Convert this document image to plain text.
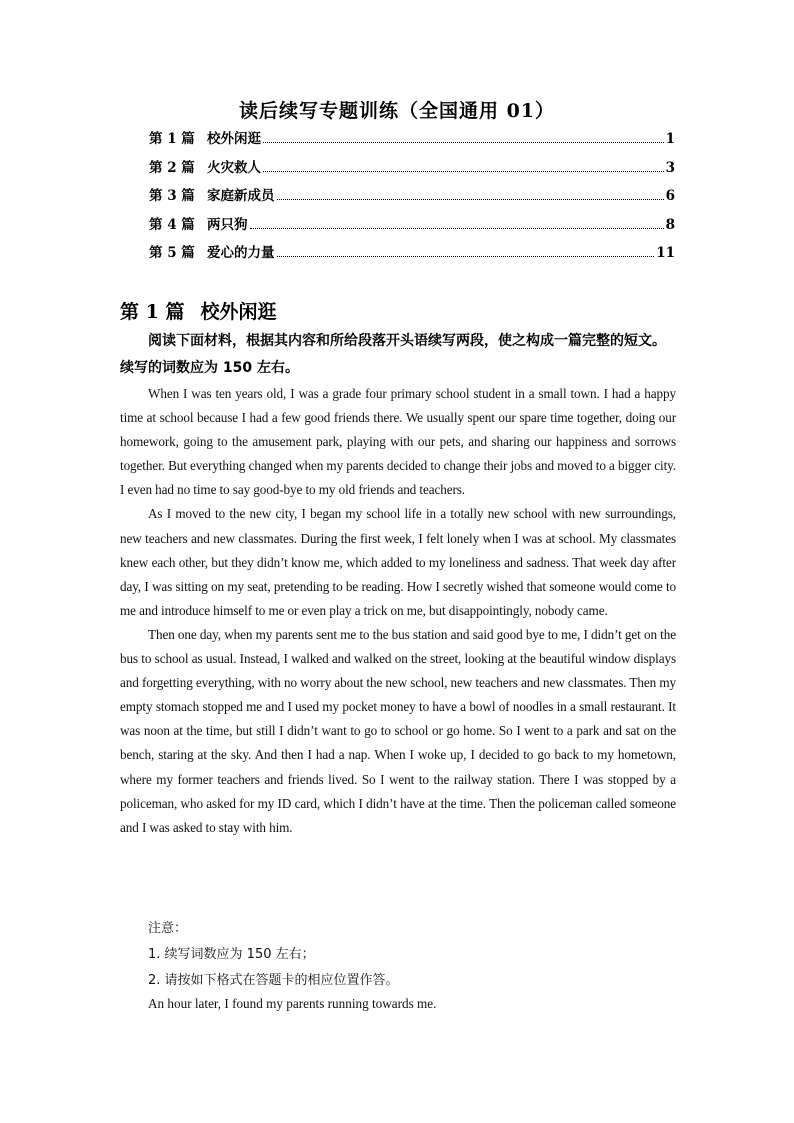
读后续写专题训练（全国通用 01）
第 1 篇 校外闲逛	1
第 2 篇 火灾救人	3
第 3 篇 家庭新成员	6
第 4 篇 两只狗	8
第 5 篇 爱心的力量	11
第 1 篇 校外闲逛
阅读下面材料，根据其内容和所给段落开头语续写两段，使之构成一篇完整的短文。续写的词数应为 150 左右。

When I was ten years old, I was a grade four primary school student in a small town. I had a happy time at school because I had a few good friends there. We usually spent our spare time together, doing our homework, going to the amusement park, playing with our pets, and sharing our happiness and sorrows together. But everything changed when my parents decided to change their jobs and moved to a bigger city. I even had no time to say good-bye to my old friends and teachers.

As I moved to the new city, I began my school life in a totally new school with new surroundings, new teachers and new classmates. During the first week, I felt lonely when I was at school. My classmates knew each other, but they didn’t know me, which added to my loneliness and sadness. That week day after day, I was sitting on my seat, pretending to be reading. How I secretly wished that someone would come to me and introduce himself to me or even play a trick on me, but disappointingly, nobody came.

Then one day, when my parents sent me to the bus station and said good bye to me, I didn’t get on the bus to school as usual. Instead, I walked and walked on the street, looking at the beautiful window displays and forgetting everything, with no worry about the new school, new teachers and new classmates. Then my empty stomach stopped me and I used my pocket money to have a bowl of noodles in a small restaurant. It was noon at the time, but still I didn’t want to go to school or go home. So I went to a park and sat on the bench, staring at the sky. And then I had a nap. When I woke up, I decided to go back to my hometown, where my former teachers and friends lived. So I went to the railway station. There I was stopped by a policeman, who asked for my ID card, which I didn’t have at the time. Then the policeman called someone and I was asked to stay with him.

注意：
1. 续写词数应为 150 左右；
2. 请按如下格式在答题卡的相应位置作答。
An hour later, I found my parents running towards me.
